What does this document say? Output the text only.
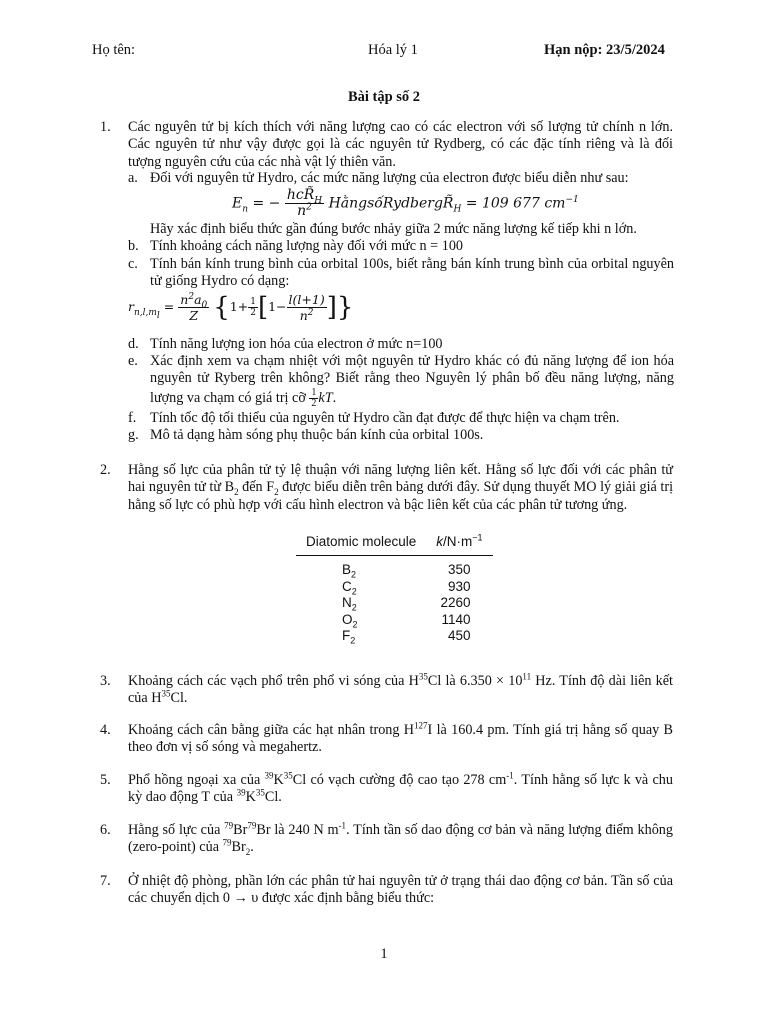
Họ tên:	Hóa lý 1	Hạn nộp: 23/5/2024
Bài tập số 2
1. Các nguyên tử bị kích thích với năng lượng cao có các electron với số lượng tử chính n lớn. Các nguyên tử như vậy được gọi là các nguyên tử Rydberg, có các đặc tính riêng và là đối tượng nguyên cứu của các nhà vật lý thiên văn.
a. Đối với nguyên tử Hydro, các mức năng lượng của electron được biểu diễn như sau:
$E_n$ = − $\frac{hcR̃_H}{n^2}$ $HằngsốRydbergR̃_H = 109$ 677 $cm^{-1}$
Hãy xác định biểu thức gần đúng bước nhảy giữa 2 mức năng lượng kế tiếp khi n lớn.
b. Tính khoảng cách năng lượng này đối với mức n = 100
c. Tính bán kính trung bình của orbital 100s, biết rằng bán kính trung bình của orbital nguyên tử giống Hydro có dạng:
$r_{n,l,m_l} = \frac{n^2a_0}{Z} \{1+ \frac{1}{2} [1- \frac{l(l+1)}{n^2}$ ]}
d. Tính năng lượng ion hóa của electron ở mức n=100
e. Xác định xem va chạm nhiệt với một nguyên tử Hydro khác có đủ năng lượng để ion hóa nguyên tử Ryberg trên không? Biết rằng theo Nguyên lý phân bố đều năng lượng, năng lượng va chạm có giá trị cỡ $\frac{1}{2}$ kT.
f. Tính tốc độ tối thiểu của nguyên tử Hydro cần đạt được để thực hiện va chạm trên.
g. Mô tả dạng hàm sóng phụ thuộc bán kính của orbital 100s.
2. Hằng số lực của phân tử tỷ lệ thuận với năng lượng liên kết. Hằng số lực đối với các phân tử hai nguyên tử từ $B_2$ đến $F_2$ được biểu diễn trên bảng dưới đây. Sử dụng thuyết MO lý giải giá trị hằng số lực có phù hợp với cấu hình electron và bậc liên kết của các phân tử tương ứng.
Diatomic molecule	$k/N\cdot m^{-1}$

$B_2$	350
$C_2$	930
$N_2$	2260
$O_2$	1140
$F_2$	450
3. Khoảng cách các vạch phổ trên phổ vi sóng của $H^{35}Cl$ là $6.350 \times 10^{11}$ Hz. Tính độ dài liên kết của $H^{35}Cl$.
4. Khoảng cách cân bằng giữa các hạt nhân trong $H^{127}I$ là 160.4 pm. Tính giá trị hằng số quay B theo đơn vị số sóng và megahertz.
5. Phổ hồng ngoại xa của $^{39}K^{35}Cl$ có vạch cường độ cao tạo 278 $cm^{-1}$. Tính hằng số lực k và chu kỳ dao động T của $^{39}K^{35}Cl$.
6. Hằng số lực của $^{79}$Br$^{79}$Br là 240 N $m^{-1}$. Tính tần số dao động cơ bản và năng lượng điểm không (zero-point) của $^{79}Br_2$.
7. Ở nhiệt độ phòng, phần lớn các phân tử hai nguyên tử ở trạng thái dao động cơ bản. Tần số của các chuyển dịch 0 → υ được xác định bằng biểu thức:
1
